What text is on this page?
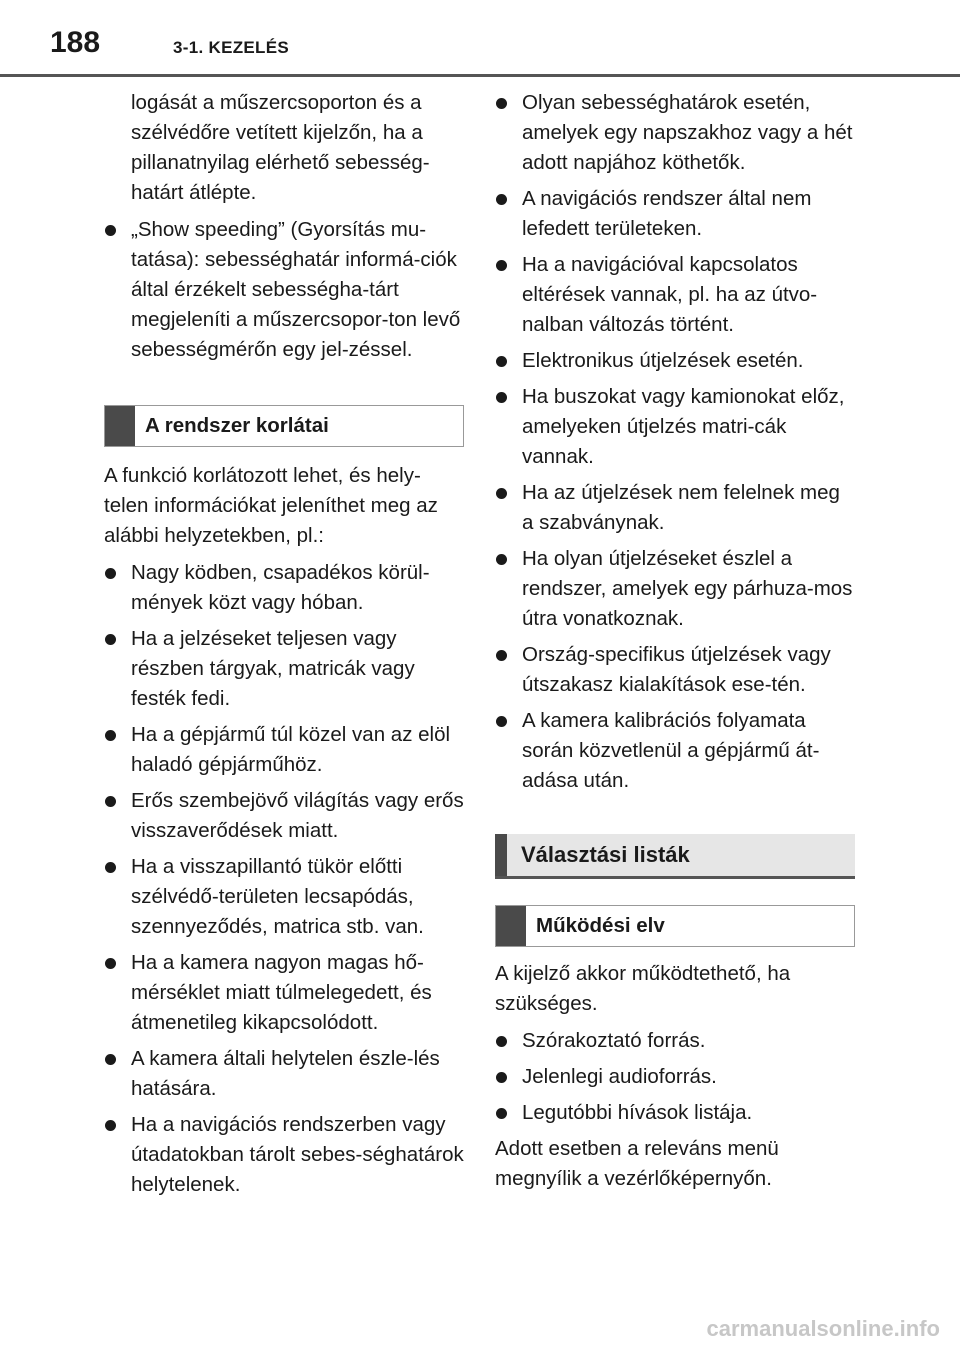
188	3-1. KEZELÉS

logását a műszercsoporton és a szélvédőre vetített kijelzőn, ha a pillanatnyilag elérhető sebesség-határt átlépte.

„Show speeding” (Gyorsítás mu-tatása): sebességhatár informá-ciók által érzékelt sebességha-tárt megjeleníti a műszercsopor-ton levő sebességmérőn egy jel-zéssel.
A rendszer korlátai

A funkció korlátozott lehet, és hely-telen információkat jeleníthet meg az alábbi helyzetekben, pl.:

Nagy ködben, csapadékos körül-mények közt vagy hóban.
Ha a jelzéseket teljesen vagy részben tárgyak, matricák vagy festék fedi.
Ha a gépjármű túl közel van az elöl haladó gépjárműhöz.
Erős szembejövő világítás vagy erős visszaverődések miatt.
Ha a visszapillantó tükör előtti szélvédő-területen lecsapódás, szennyeződés, matrica stb. van.
Ha a kamera nagyon magas hő-mérséklet miatt túlmelegedett, és átmenetileg kikapcsolódott.
A kamera általi helytelen észle-lés hatására.
Ha a navigációs rendszerben vagy útadatokban tárolt sebes-séghatárok helytelenek.
Olyan sebességhatárok esetén, amelyek egy napszakhoz vagy a hét adott napjához köthetők.
A navigációs rendszer által nem lefedett területeken.
Ha a navigációval kapcsolatos eltérések vannak, pl. ha az útvo-nalban változás történt.
Elektronikus útjelzések esetén.
Ha buszokat vagy kamionokat előz, amelyeken útjelzés matri-cák vannak.
Ha az útjelzések nem felelnek meg a szabványnak.
Ha olyan útjelzéseket észlel a rendszer, amelyek egy párhuza-mos útra vonatkoznak.
Ország-specifikus útjelzések vagy útszakasz kialakítások ese-tén.
A kamera kalibrációs folyamata során közvetlenül a gépjármű át-adása után.
Választási listák
Működési elv

A kijelző akkor működtethető, ha szükséges.

Szórakoztató forrás.
Jelenlegi audioforrás.
Legutóbbi hívások listája.

Adott esetben a releváns menü megnyílik a vezérlőképernyőn.

carmanualsonline.info
